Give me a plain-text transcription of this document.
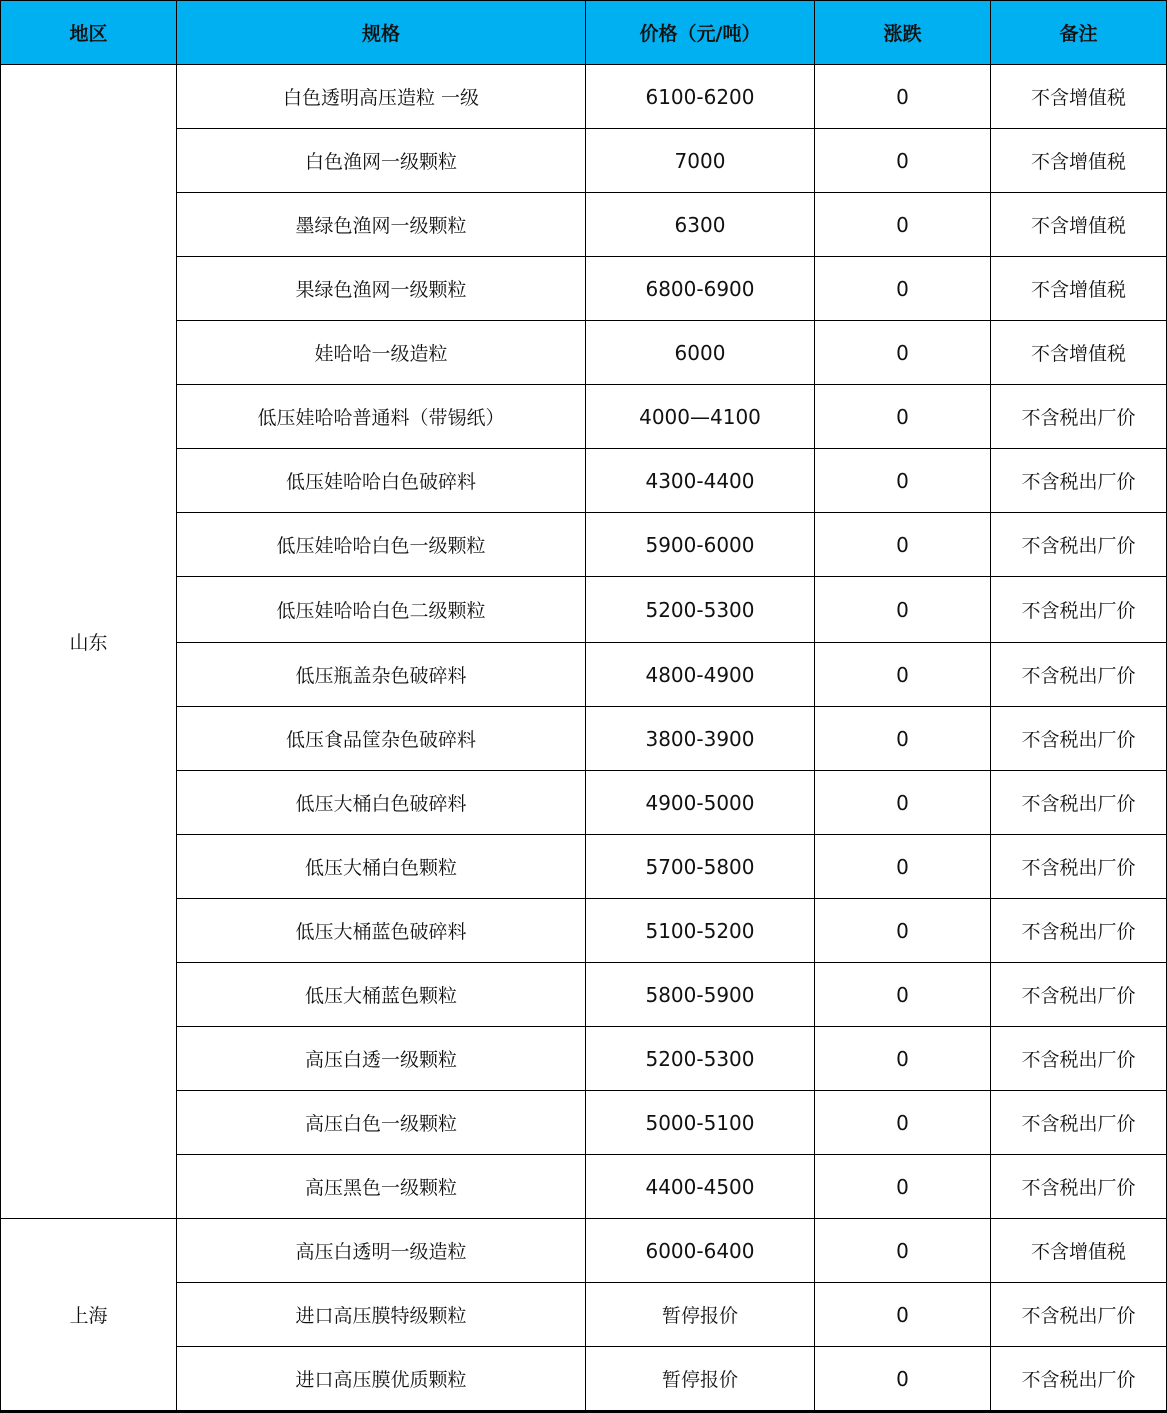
地区	规格	价格（元/吨）	涨跌	备注
山东	白色透明高压造粒 一级	6100-6200	0	不含增值税
	白色渔网一级颗粒	7000	0	不含增值税
	墨绿色渔网一级颗粒	6300	0	不含增值税
	果绿色渔网一级颗粒	6800-6900	0	不含增值税
	娃哈哈一级造粒	6000	0	不含增值税
	低压娃哈哈普通料（带锡纸）	4000—4100	0	不含税出厂价
	低压娃哈哈白色破碎料	4300-4400	0	不含税出厂价
	低压娃哈哈白色一级颗粒	5900-6000	0	不含税出厂价
	低压娃哈哈白色二级颗粒	5200-5300	0	不含税出厂价
	低压瓶盖杂色破碎料	4800-4900	0	不含税出厂价
	低压食品筐杂色破碎料	3800-3900	0	不含税出厂价
	低压大桶白色破碎料	4900-5000	0	不含税出厂价
	低压大桶白色颗粒	5700-5800	0	不含税出厂价
	低压大桶蓝色破碎料	5100-5200	0	不含税出厂价
	低压大桶蓝色颗粒	5800-5900	0	不含税出厂价
	高压白透一级颗粒	5200-5300	0	不含税出厂价
	高压白色一级颗粒	5000-5100	0	不含税出厂价
	高压黑色一级颗粒	4400-4500	0	不含税出厂价
上海	高压白透明一级造粒	6000-6400	0	不含增值税
	进口高压膜特级颗粒	暂停报价	0	不含税出厂价
	进口高压膜优质颗粒	暂停报价	0	不含税出厂价
